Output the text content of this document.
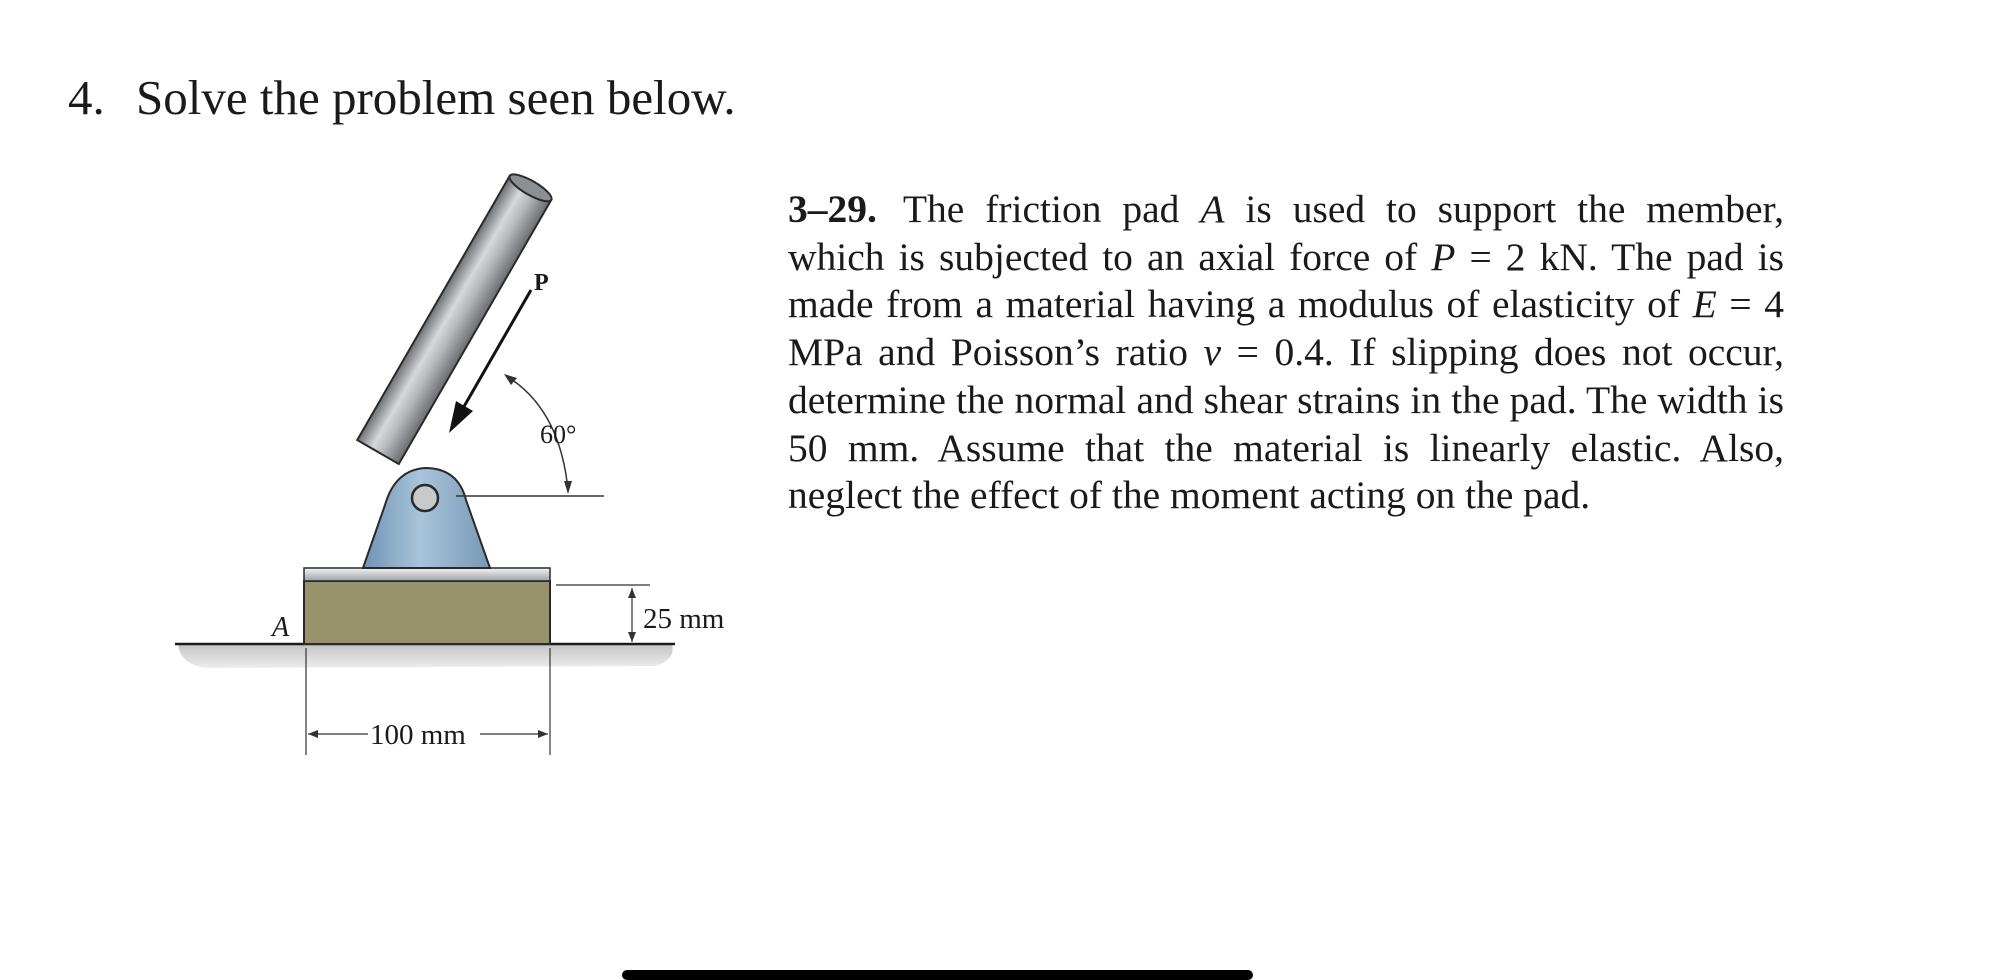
4. Solve the problem seen below.
P
60°
A	25 mm
100 mm
3–29. The friction pad A is used to support the member, which is subjected to an axial force of P = 2 kN. The pad is made from a material having a modulus of elasticity of E = 4 MPa and Poisson’s ratio ν = 0.4. If slipping does not occur, determine the normal and shear strains in the pad. The width is 50 mm. Assume that the material is linearly elastic. Also, neglect the effect of the moment acting on the pad.
